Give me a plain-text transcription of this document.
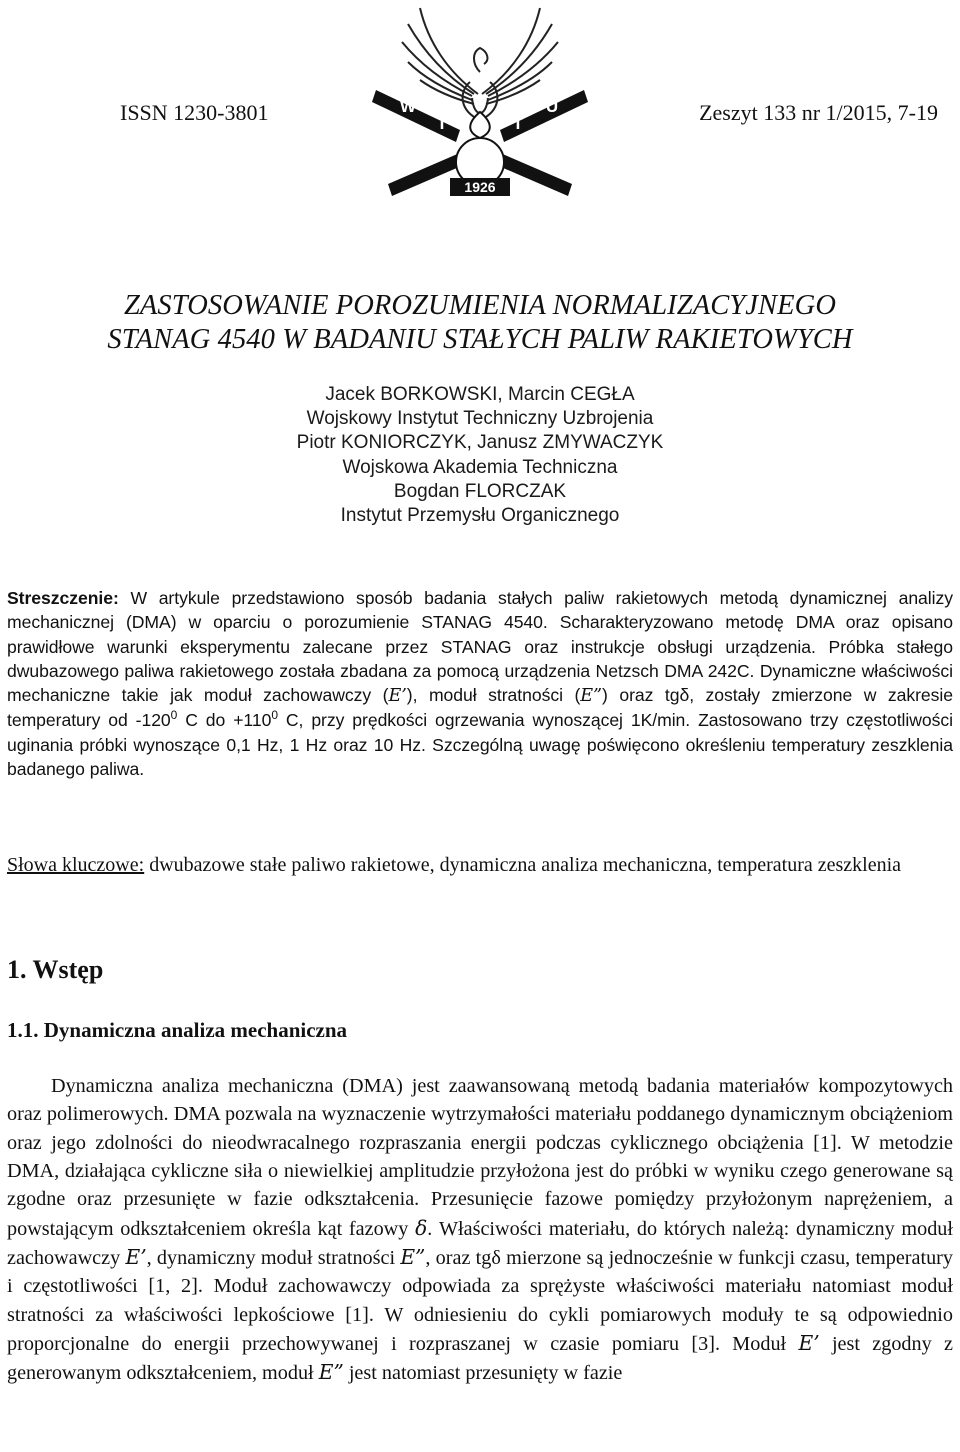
ISSN 1230-3801	Zeszyt 133 nr 1/2015, 7-19
W
I	T
U
1926
ZASTOSOWANIE POROZUMIENIA NORMALIZACYJNEGO
STANAG 4540 W BADANIU STAŁYCH PALIW RAKIETOWYCH
Jacek BORKOWSKI, Marcin CEGŁA
Wojskowy Instytut Techniczny Uzbrojenia
Piotr KONIORCZYK, Janusz ZMYWACZYK
Wojskowa Akademia Techniczna
Bogdan FLORCZAK
Instytut Przemysłu Organicznego
Streszczenie: W artykule przedstawiono sposób badania stałych paliw rakietowych metodą dynamicznej analizy mechanicznej (DMA) w oparciu o porozumienie STANAG 4540. Scharakteryzowano metodę DMA oraz opisano prawidłowe warunki eksperymentu zalecane przez STANAG oraz instrukcje obsługi urządzenia. Próbka stałego dwubazowego paliwa rakietowego została zbadana za pomocą urządzenia Netzsch DMA 242C. Dynamiczne właściwości mechaniczne takie jak moduł zachowawczy (E’), moduł stratności (E”) oraz tgδ, zostały zmierzone w zakresie temperatury od $-120^0$ C do $+110^0$ C, przy prędkości ogrzewania wynoszącej 1K/min. Zastosowano trzy częstotliwości uginania próbki wynoszące 0,1 Hz, 1 Hz oraz 10 Hz. Szczególną uwagę poświęcono określeniu temperatury zeszklenia badanego paliwa.
Słowa kluczowe: dwubazowe stałe paliwo rakietowe, dynamiczna analiza mechaniczna, temperatura zeszklenia
1. Wstęp
1.1. Dynamiczna analiza mechaniczna
Dynamiczna analiza mechaniczna (DMA) jest zaawansowaną metodą badania materiałów kompozytowych oraz polimerowych. DMA pozwala na wyznaczenie wytrzymałości materiału poddanego dynamicznym obciążeniom oraz jego zdolności do nieodwracalnego rozpraszania energii podczas cyklicznego obciążenia [1]. W metodzie DMA, działająca cykliczne siła o niewielkiej amplitudzie przyłożona jest do próbki w wyniku czego generowane są zgodne oraz przesunięte w fazie odkształcenia. Przesunięcie fazowe pomiędzy przyłożonym naprężeniem, a powstającym odkształceniem określa kąt fazowy δ. Właściwości materiału, do których należą: dynamiczny moduł zachowawczy E’, dynamiczny moduł stratności E”, oraz tgδ mierzone są jednocześnie w funkcji czasu, temperatury i częstotliwości [1, 2]. Moduł zachowawczy odpowiada za sprężyste właściwości materiału natomiast moduł stratności za właściwości lepkościowe [1]. W odniesieniu do cykli pomiarowych moduły te są odpowiednio proporcjonalne do energii przechowywanej i rozpraszanej w czasie pomiaru [3]. Moduł E’ jest zgodny z generowanym odkształceniem, moduł E” jest natomiast przesunięty w fazie
